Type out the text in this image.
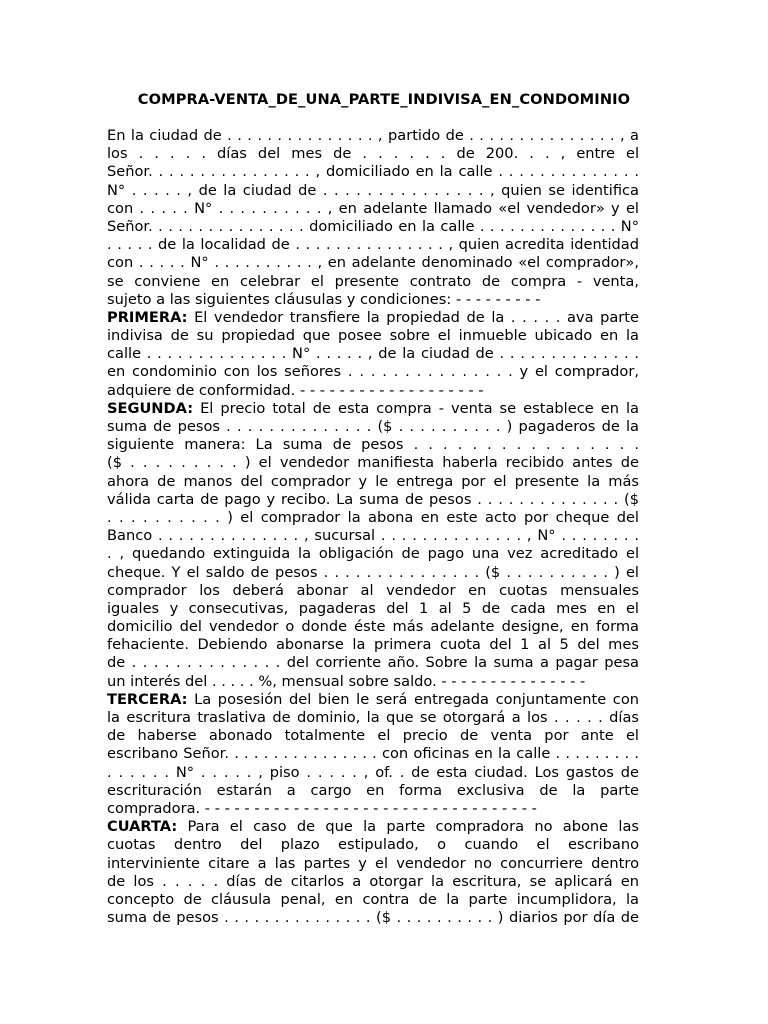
COMPRA-VENTA_DE_UNA_PARTE_INDIVISA_EN_CONDOMINIO
En la ciudad de . . . . . . . . . . . . . . . , partido de . . . . . . . . . . . . . . . , a
los . . . . . días del mes de . . . . . . de 200. . . , entre el
Señor. . . . . . . . . . . . . . . . , domiciliado en la calle . . . . . . . . . . . . . .
N° . . . . . , de la ciudad de . . . . . . . . . . . . . . . , quien se identifica
con . . . . . N° . . . . . . . . . . , en adelante llamado «el vendedor» y el
Señor. . . . . . . . . . . . . . . . domiciliado en la calle . . . . . . . . . . . . . . N°
. . . . . de la localidad de . . . . . . . . . . . . . . . , quien acredita identidad
con . . . . . N° . . . . . . . . . . , en adelante denominado «el comprador»,
se conviene en celebrar el presente contrato de compra - venta,
sujeto a las siguientes cláusulas y condiciones: - - - - - - - - -
PRIMERA: El vendedor transfiere la propiedad de la . . . . . ava parte
indivisa de su propiedad que posee sobre el inmueble ubicado en la
calle . . . . . . . . . . . . . . N° . . . . . , de la ciudad de . . . . . . . . . . . . . .
en condominio con los señores . . . . . . . . . . . . . . . y el comprador,
adquiere de conformidad. - - - - - - - - - - - - - - - - - - -
SEGUNDA: El precio total de esta compra - venta se establece en la
suma de pesos . . . . . . . . . . . . . . ($ . . . . . . . . . . ) pagaderos de la
siguiente manera: La suma de pesos . . . . . . . . . . . . . . . .
($ . . . . . . . . . ) el vendedor manifiesta haberla recibido antes de
ahora de manos del comprador y le entrega por el presente la más
válida carta de pago y recibo. La suma de pesos . . . . . . . . . . . . . . ($
. . . . . . . . . . ) el comprador la abona en este acto por cheque del
Banco . . . . . . . . . . . . . . , sucursal . . . . . . . . . . . . . . , N° . . . . . . . .
. , quedando extinguida la obligación de pago una vez acreditado el
cheque. Y el saldo de pesos . . . . . . . . . . . . . . . ($ . . . . . . . . . . ) el
comprador los deberá abonar al vendedor en cuotas mensuales
iguales y consecutivas, pagaderas del 1 al 5 de cada mes en el
domicilio del vendedor o donde éste más adelante designe, en forma
fehaciente. Debiendo abonarse la primera cuota del 1 al 5 del mes
de . . . . . . . . . . . . . . del corriente año. Sobre la suma a pagar pesa
un interés del . . . . . %, mensual sobre saldo. - - - - - - - - - - - - - - -
TERCERA: La posesión del bien le será entregada conjuntamente con
la escritura traslativa de dominio, la que se otorgará a los . . . . . días
de haberse abonado totalmente el precio de venta por ante el
escribano Señor. . . . . . . . . . . . . . . . con oficinas en la calle . . . . . . . . .
. . . . . . N° . . . . . , piso . . . . . , of. . de esta ciudad. Los gastos de
escrituración estarán a cargo en forma exclusiva de la parte
compradora. - - - - - - - - - - - - - - - - - - - - - - - - - - - - - - - - - -
CUARTA: Para el caso de que la parte compradora no abone las
cuotas dentro del plazo estipulado, o cuando el escribano
interviniente citare a las partes y el vendedor no concurriere dentro
de los . . . . . días de citarlos a otorgar la escritura, se aplicará en
concepto de cláusula penal, en contra de la parte incumplidora, la
suma de pesos . . . . . . . . . . . . . . . ($ . . . . . . . . . . ) diarios por día de
